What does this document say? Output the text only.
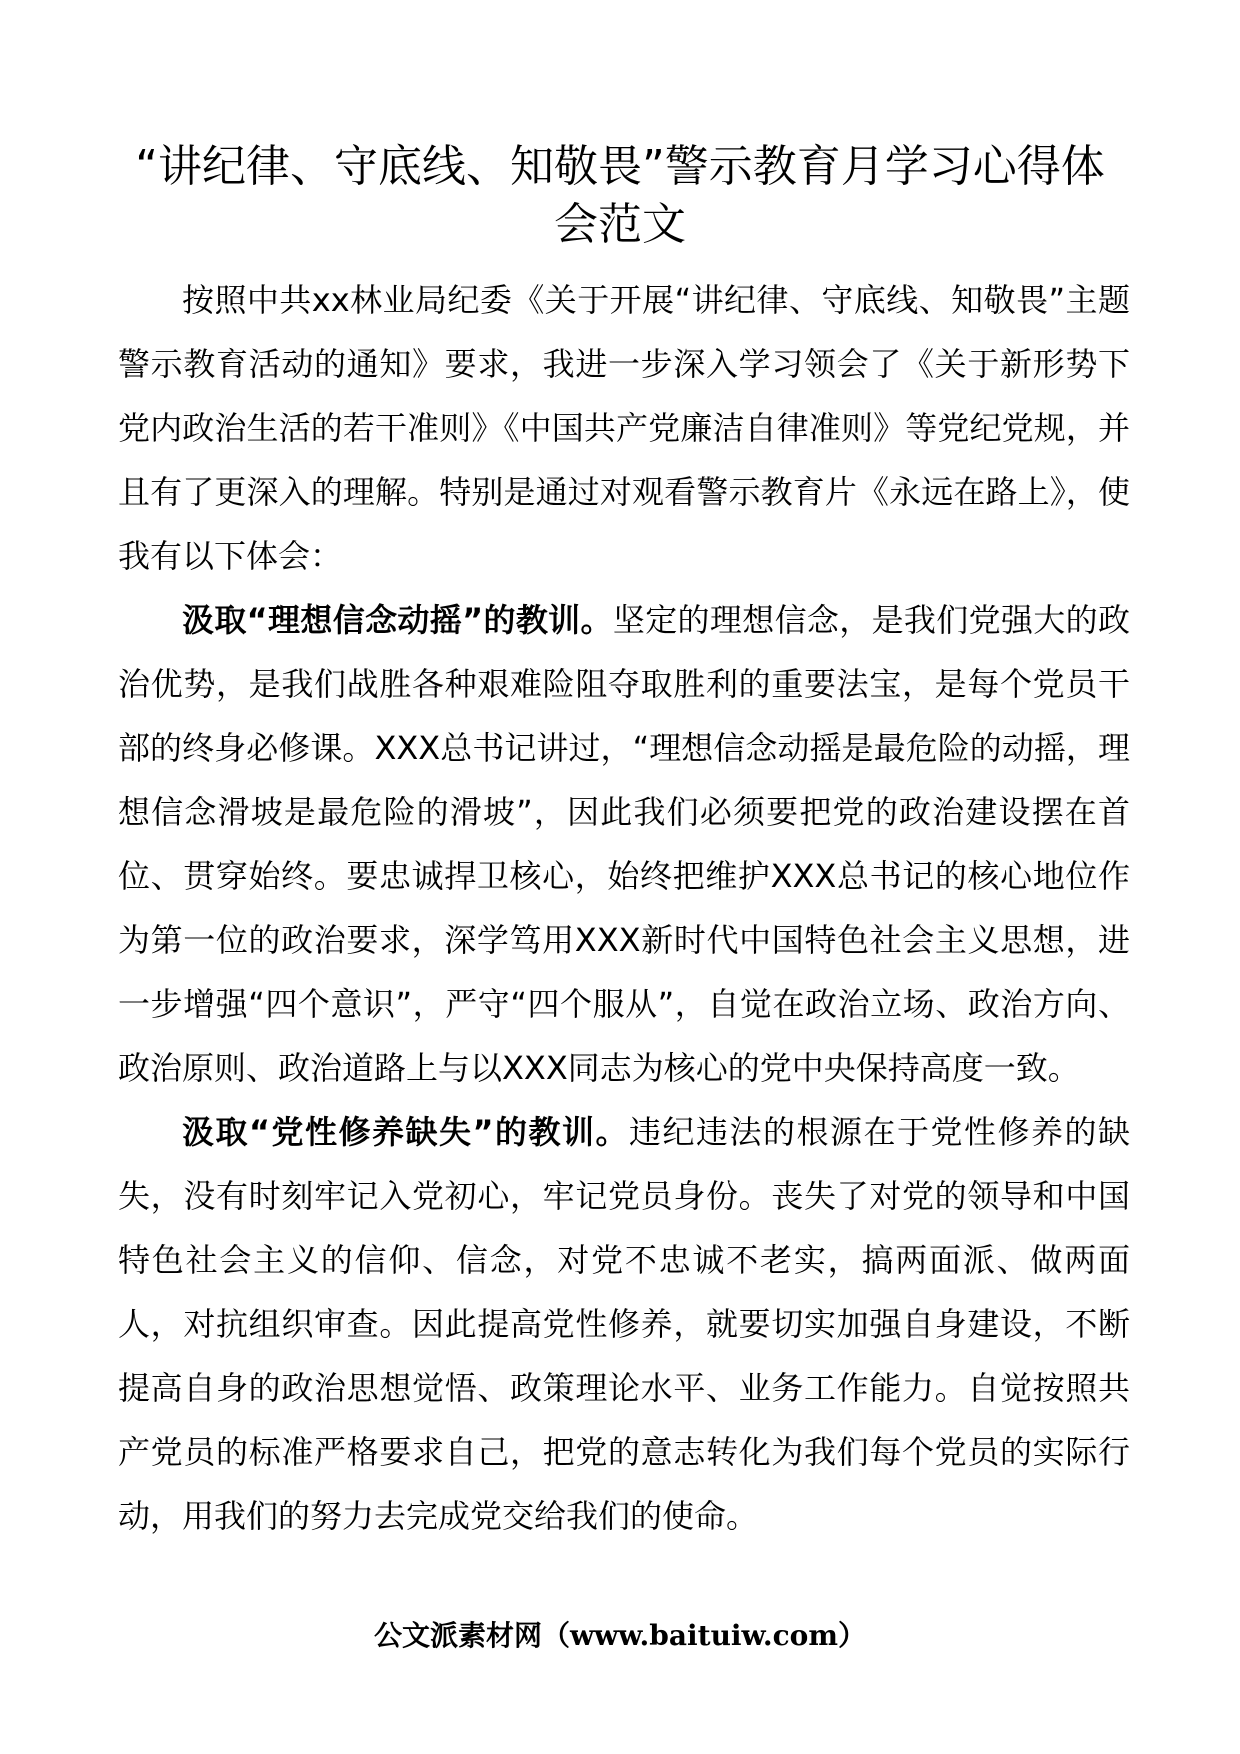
“讲纪律、守底线、知敬畏”警示教育月学习心得体会范文

按照中共xx林业局纪委《关于开展“讲纪律、守底线、知敬畏”主题警示教育活动的通知》要求，我进一步深入学习领会了《关于新形势下党内政治生活的若干准则》《中国共产党廉洁自律准则》等党纪党规，并且有了更深入的理解。特别是通过对观看警示教育片《永远在路上》，使我有以下体会：

汲取“理想信念动摇”的教训。坚定的理想信念，是我们党强大的政治优势，是我们战胜各种艰难险阻夺取胜利的重要法宝，是每个党员干部的终身必修课。XXX总书记讲过，“理想信念动摇是最危险的动摇，理想信念滑坡是最危险的滑坡”，因此我们必须要把党的政治建设摆在首位、贯穿始终。要忠诚捍卫核心，始终把维护XXX总书记的核心地位作为第一位的政治要求，深学笃用XXX新时代中国特色社会主义思想，进一步增强“四个意识”，严守“四个服从”，自觉在政治立场、政治方向、政治原则、政治道路上与以XXX同志为核心的党中央保持高度一致。

汲取“党性修养缺失”的教训。违纪违法的根源在于党性修养的缺失，没有时刻牢记入党初心，牢记党员身份。丧失了对党的领导和中国特色社会主义的信仰、信念，对党不忠诚不老实，搞两面派、做两面人，对抗组织审查。因此提高党性修养，就要切实加强自身建设，不断提高自身的政治思想觉悟、政策理论水平、业务工作能力。自觉按照共产党员的标准严格要求自己，把党的意志转化为我们每个党员的实际行动，用我们的努力去完成党交给我们的使命。

公文派素材网（www.baituiw.com）
